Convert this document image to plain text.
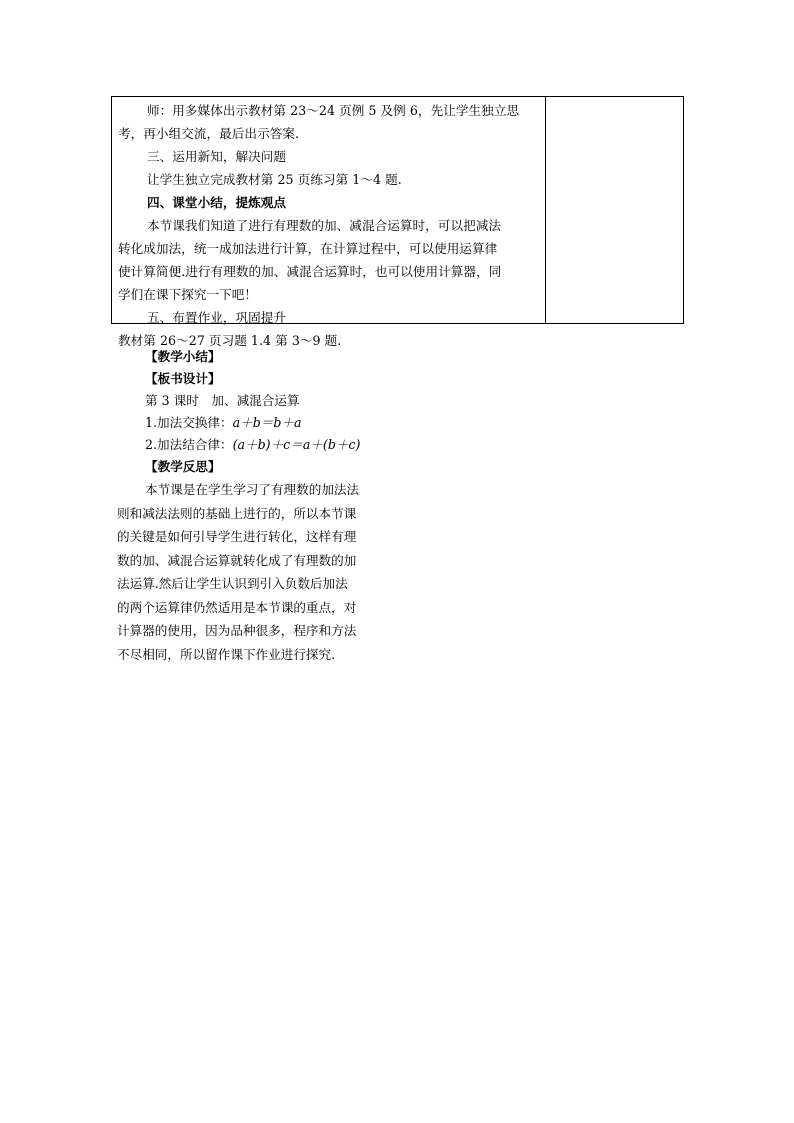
师：用多媒体出示教材第 23～24 页例 5 及例 6，先让学生独立思
考，再小组交流，最后出示答案.
三、运用新知，解决问题
让学生独立完成教材第 25 页练习第 1～4 题.
四、课堂小结，提炼观点
本节课我们知道了进行有理数的加、减混合运算时，可以把减法
转化成加法，统一成加法进行计算，在计算过程中，可以使用运算律
使计算简便.进行有理数的加、减混合运算时，也可以使用计算器，同
学们在课下探究一下吧！
五、布置作业，巩固提升
教材第 26～27 页习题 1.4 第 3～9 题.
【教学小结】
【板书设计】
第 3 课时　加、减混合运算
1.加法交换律：a＋b＝b＋a
2.加法结合律：(a＋b)＋c＝a＋(b＋c)
【教学反思】
本节课是在学生学习了有理数的加法法
则和减法法则的基础上进行的，所以本节课
的关键是如何引导学生进行转化，这样有理
数的加、减混合运算就转化成了有理数的加
法运算.然后让学生认识到引入负数后加法
的两个运算律仍然适用是本节课的重点，对
计算器的使用，因为品种很多，程序和方法
不尽相同，所以留作课下作业进行探究.
